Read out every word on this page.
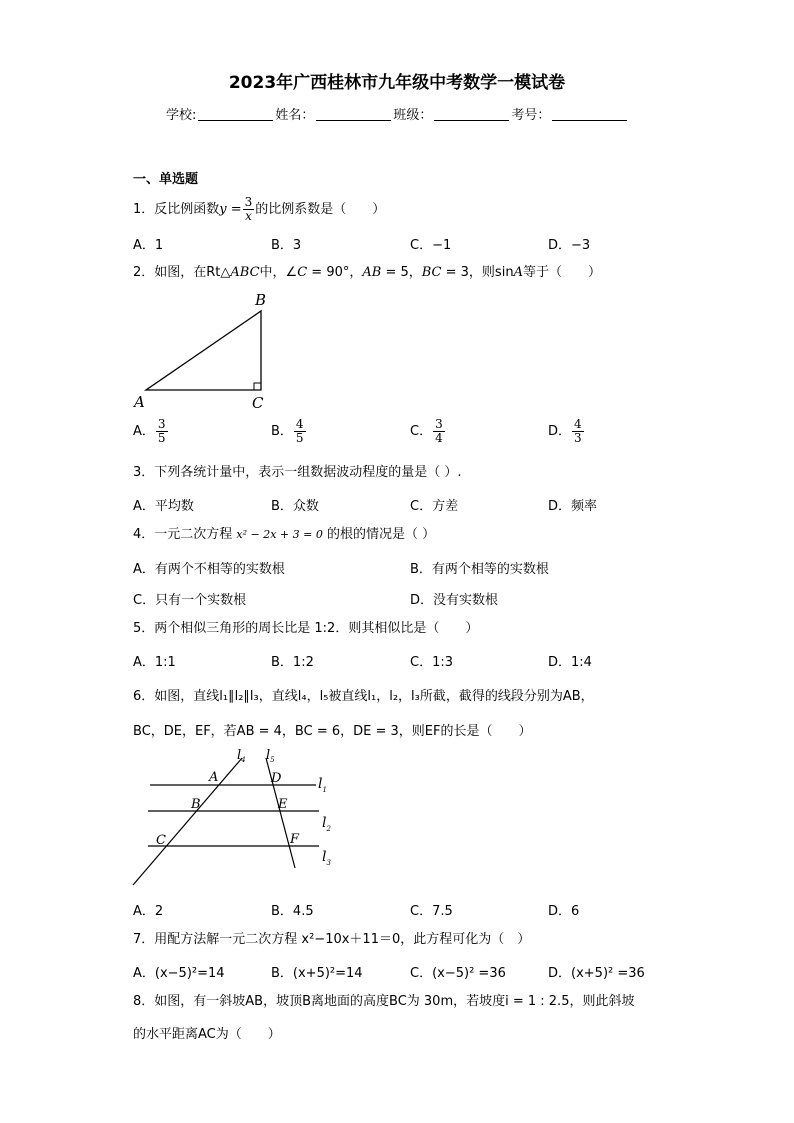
2023年广西桂林市九年级中考数学一模试卷
学校:	姓名：	班级：	考号：
一、单选题
1．反比例函数$y = \frac{3}{x}$ 的比例系数是（　　）
A．1	B．3	C．−1	D．−3
2．如图，在Rt△ABC中，∠C = 90°，AB = 5，BC = 3，则sinA等于（　　）
B
A	C
A． $\frac{3}{5}$	B． $\frac{4}{5}$	C． $\frac{3}{4}$	D． $\frac{4}{3}$
3．下列各统计量中，表示一组数据波动程度的量是（ ）.
A．平均数	B．众数	C．方差	D．频率
4．一元二次方程 x² − 2x + 3 = 0 的根的情况是（ ）
A．有两个不相等的实数根	B．有两个相等的实数根
C．只有一个实数根	D．没有实数根
5．两个相似三角形的周长比是 1:2．则其相似比是（　　）
A．1:1	B．1:2	C．1:3	D．1:4
6．如图，直线l₁∥l₂∥l₃，直线l₄，l₅被直线l₁，l₂，l₃所截，截得的线段分别为AB，
BC，DE，EF，若AB = 4，BC = 6，DE = 3，则EF的长是（　　）
$l_4$ $l_5$
$l_1$
$l_2$
$l_3$
A	D
B	E
C	F
A．2	B．4.5	C．7.5	D．6
7．用配方法解一元二次方程 x²−10x＋11＝0，此方程可化为（　）
A．(x−5)²=14	B．(x+5)²=14	C．(x−5)² =36	D．(x+5)² =36
8．如图，有一斜坡AB，坡顶B离地面的高度BC为 30m，若坡度i = 1 : 2.5，则此斜坡
的水平距离AC为（　　）
